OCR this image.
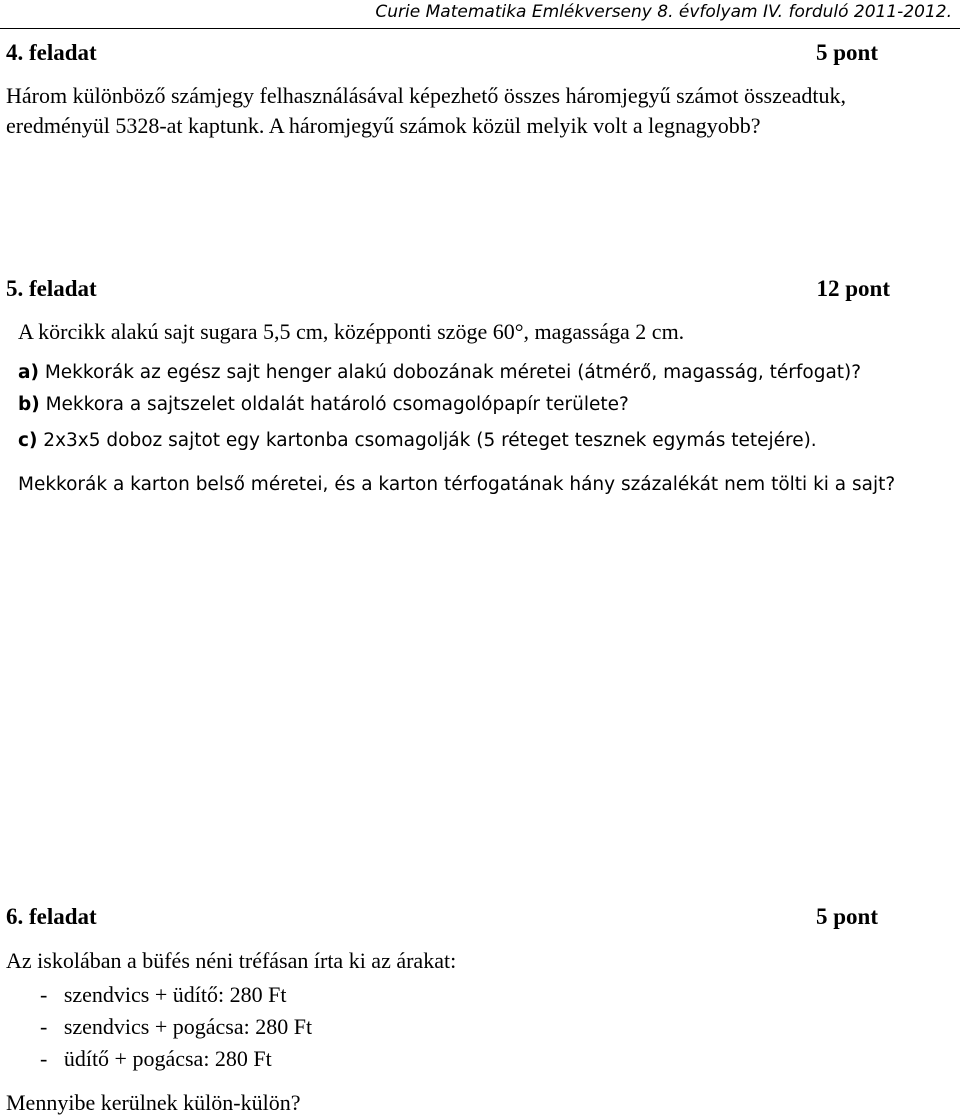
Curie Matematika Emlékverseny 8. évfolyam IV. forduló 2011-2012.
4. feladat	5 pont
Három különböző számjegy felhasználásával képezhető összes háromjegyű számot összeadtuk,
eredményül 5328-at kaptunk. A háromjegyű számok közül melyik volt a legnagyobb?
5. feladat	12 pont
A körcikk alakú sajt sugara 5,5 cm, középponti szöge 60°, magassága 2 cm.
a) Mekkorák az egész sajt henger alakú dobozának méretei (átmérő, magasság, térfogat)?
b) Mekkora a sajtszelet oldalát határoló csomagolópapír területe?
c) 2x3x5 doboz sajtot egy kartonba csomagolják (5 réteget tesznek egymás tetejére).
Mekkorák a karton belső méretei, és a karton térfogatának hány százalékát nem tölti ki a sajt?
6. feladat	5 pont
Az iskolában a büfés néni tréfásan írta ki az árakat:
-   szendvics + üdítő: 280 Ft
-   szendvics + pogácsa: 280 Ft
-   üdítő + pogácsa: 280 Ft
Mennyibe kerülnek külön-külön?
